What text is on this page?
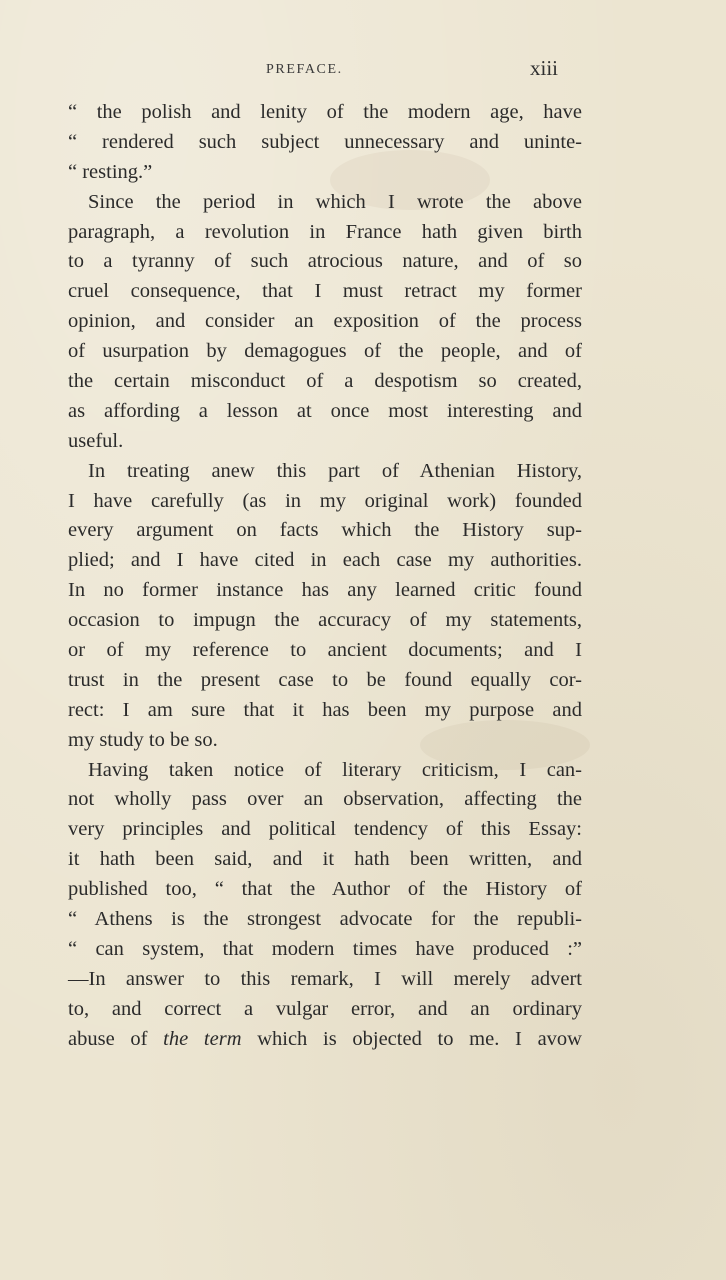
PREFACE.	xiii
“ the polish and lenity of the modern age, have
“ rendered such subject unnecessary and uninte-
“ resting.”
Since the period in which I wrote the above
paragraph, a revolution in France hath given birth
to a tyranny of such atrocious nature, and of so
cruel consequence, that I must retract my former
opinion, and consider an exposition of the process
of usurpation by demagogues of the people, and of
the certain misconduct of a despotism so created,
as affording a lesson at once most interesting and
useful.
In treating anew this part of Athenian History,
I have carefully (as in my original work) founded
every argument on facts which the History sup-
plied; and I have cited in each case my authorities.
In no former instance has any learned critic found
occasion to impugn the accuracy of my statements,
or of my reference to ancient documents; and I
trust in the present case to be found equally cor-
rect: I am sure that it has been my purpose and
my study to be so.
Having taken notice of literary criticism, I can-
not wholly pass over an observation, affecting the
very principles and political tendency of this Essay:
it hath been said, and it hath been written, and
published too, “ that the Author of the History of
“ Athens is the strongest advocate for the republi-
“ can system, that modern times have produced :”
—In answer to this remark, I will merely advert
to, and correct a vulgar error, and an ordinary
abuse of the term which is objected to me. I avow
